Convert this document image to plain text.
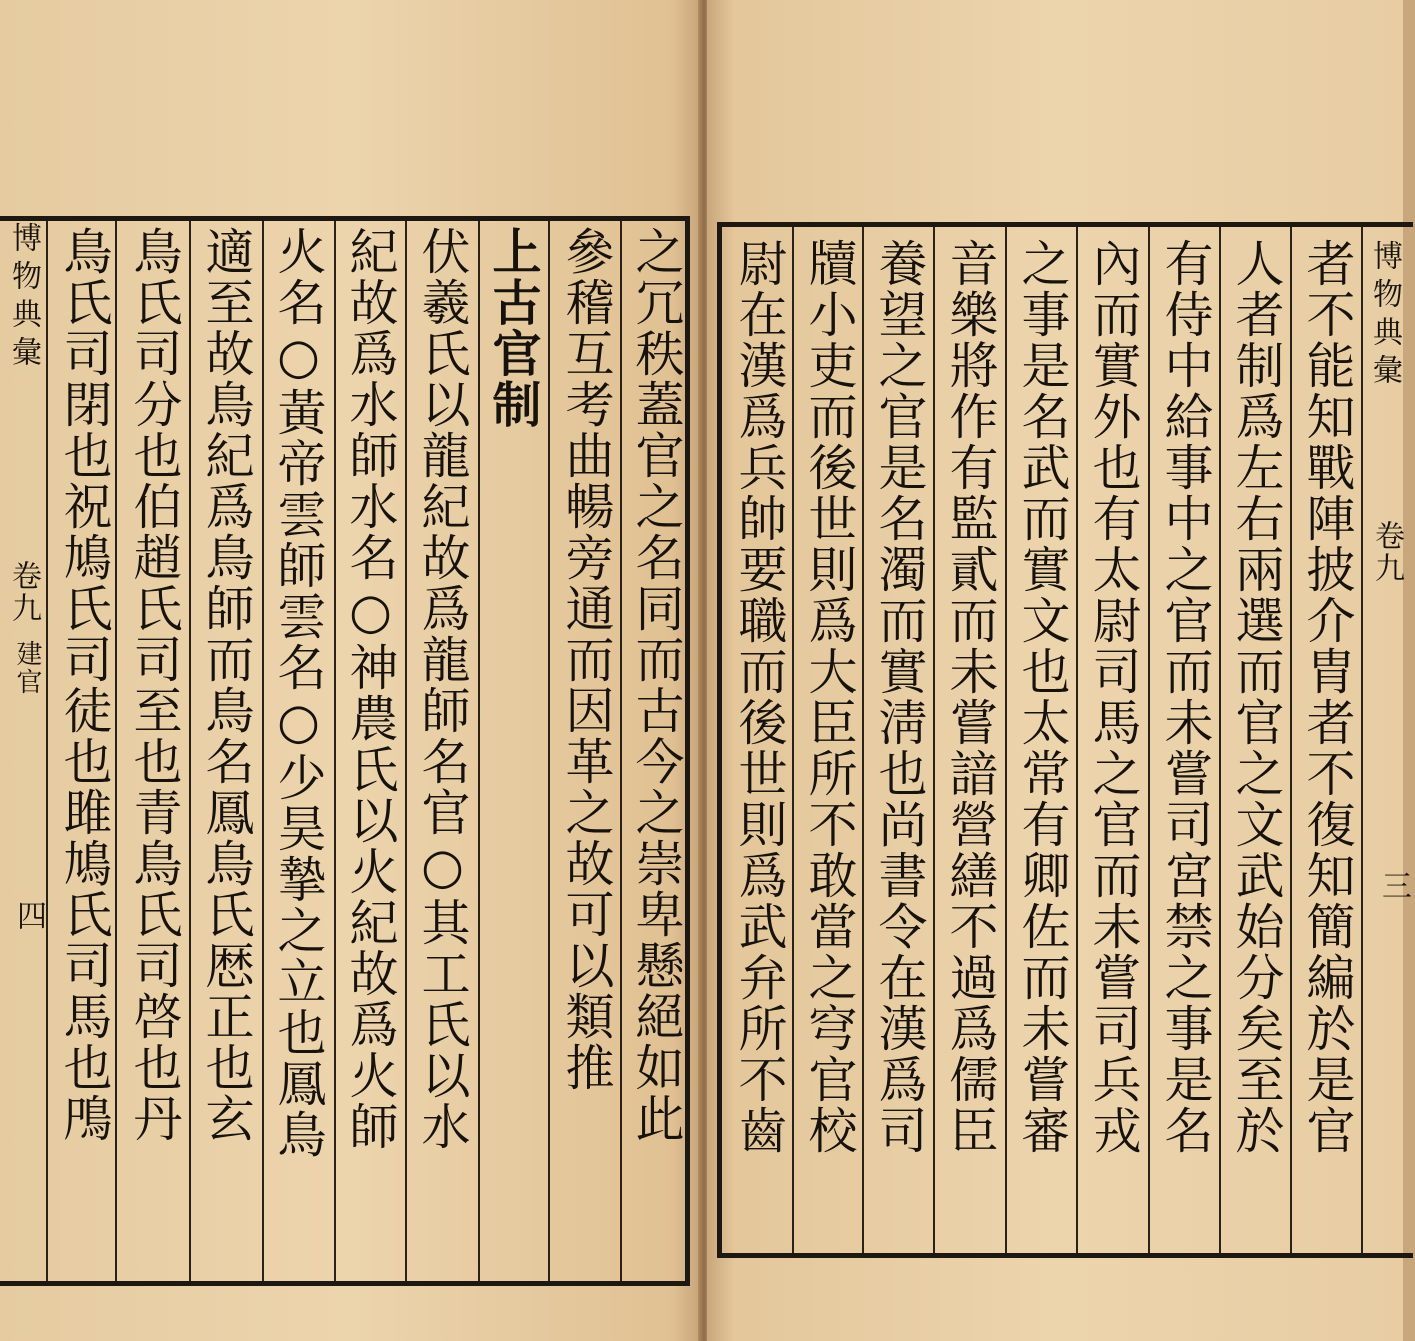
博物典彙
卷九
建官
四	之冗秩蓋官之名同而古今之崇卑懸絕如此
參稽互考曲暢旁通而因革之故可以類推
上古官制
伏羲氏以龍紀故爲龍師名官○其工氏以水
紀故爲水師水名○神農氏以火紀故爲火師
火名○黃帝雲師雲名○少昊摯之立也鳳鳥
適至故鳥紀爲鳥師而鳥名鳳鳥氏厯正也玄
鳥氏司分也伯趙氏司至也青鳥氏司啓也丹
鳥氏司閉也祝鳩氏司徒也雎鳩氏司馬也鳲	者不能知戰陣披介胄者不復知簡編於是官
人者制爲左右兩選而官之文武始分矣至於
有侍中給事中之官而未嘗司宮禁之事是名
內而實外也有太尉司馬之官而未嘗司兵戎
之事是名武而實文也太常有卿佐而未嘗審
音樂將作有監貳而未嘗諳營繕不過爲儒臣
養望之官是名濁而實淸也尚書令在漢爲司
牘小吏而後世則爲大臣所不敢當之穹官校
尉在漢爲兵帥要職而後世則爲武弁所不齒	博物典彙
卷九
三
